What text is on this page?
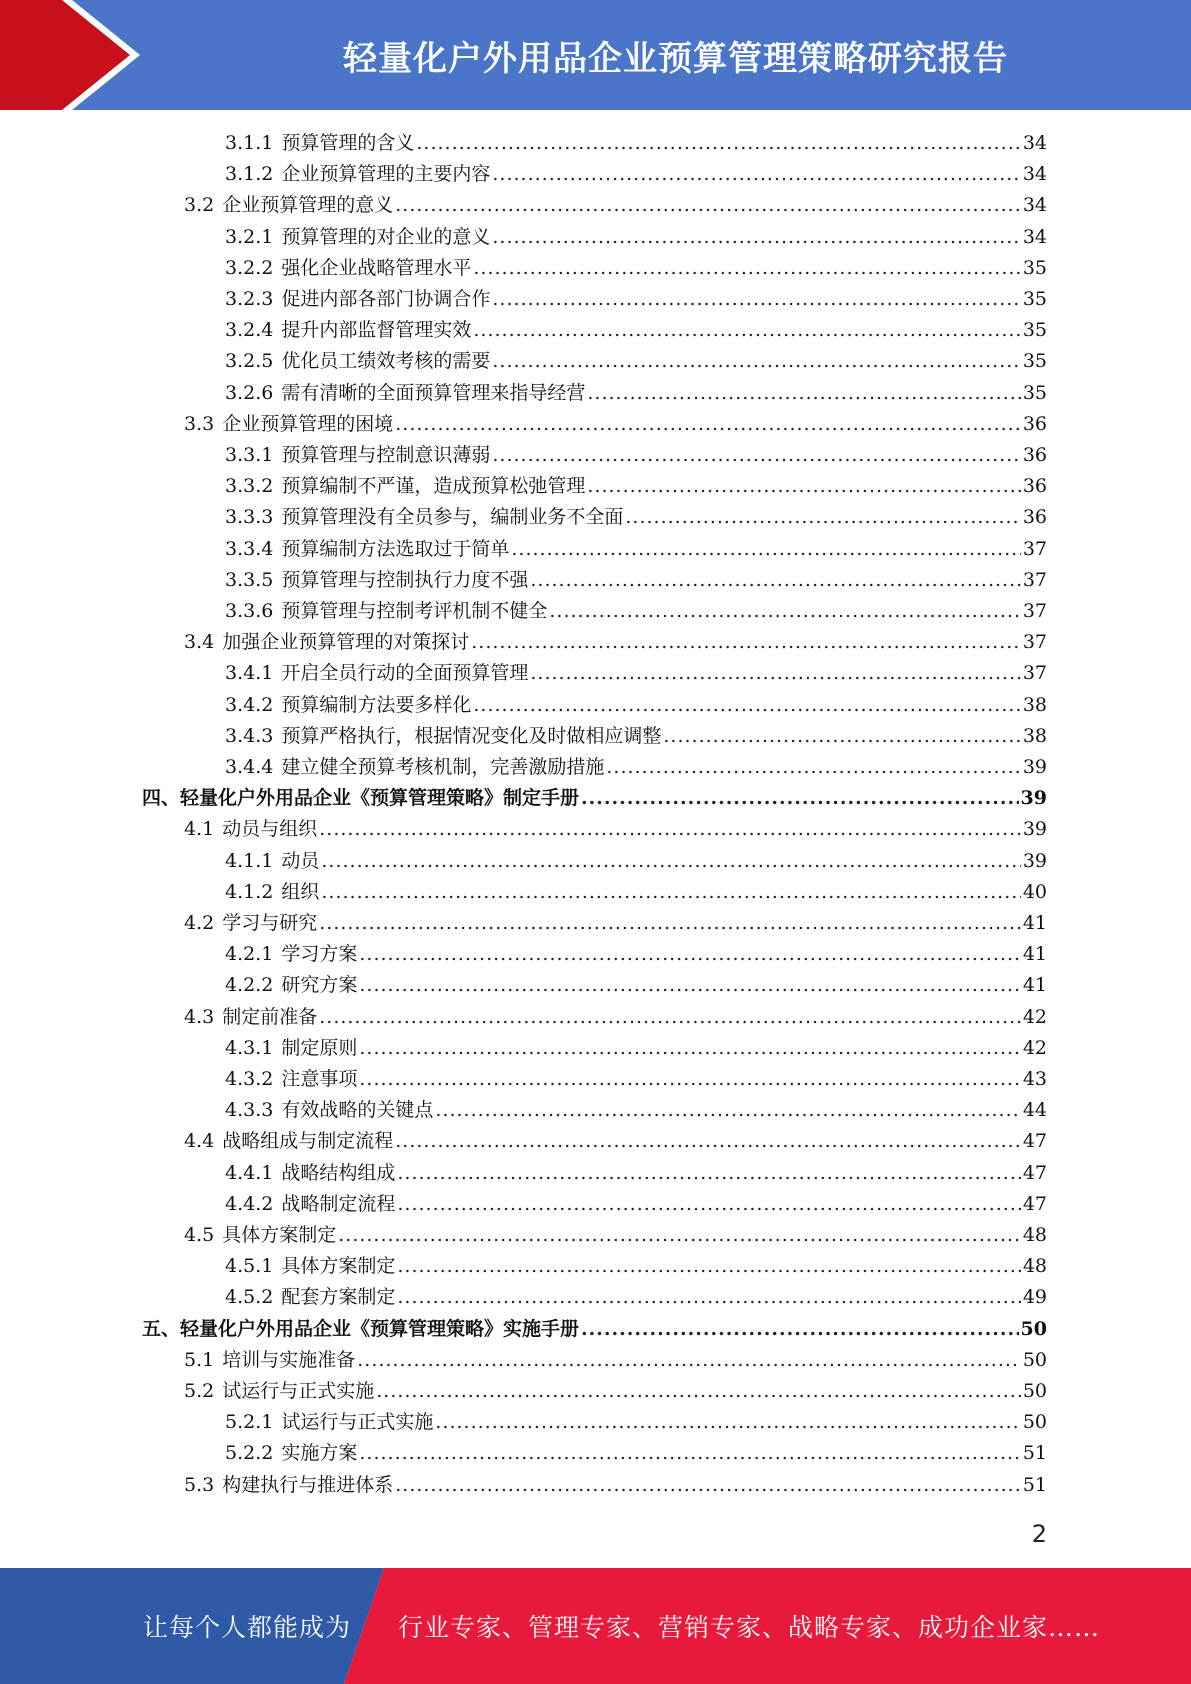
轻量化户外用品企业预算管理策略研究报告
3.1.1 预算管理的含义 .....	34
3.1.2 企业预算管理的主要内容 .....	34
3.2 企业预算管理的意义 .....	34
3.2.1 预算管理的对企业的意义 .....	34
3.2.2 强化企业战略管理水平 .....	35
3.2.3 促进内部各部门协调合作 .....	35
3.2.4 提升内部监督管理实效 .....	35
3.2.5 优化员工绩效考核的需要 .....	35
3.2.6 需有清晰的全面预算管理来指导经营 .....	35
3.3 企业预算管理的困境 .....	36
3.3.1 预算管理与控制意识薄弱 .....	36
3.3.2 预算编制不严谨，造成预算松弛管理 .....	36
3.3.3 预算管理没有全员参与，编制业务不全面 .....	36
3.3.4 预算编制方法选取过于简单 .....	37
3.3.5 预算管理与控制执行力度不强 .....	37
3.3.6 预算管理与控制考评机制不健全 .....	37
3.4 加强企业预算管理的对策探讨 .....	37
3.4.1 开启全员行动的全面预算管理 .....	37
3.4.2 预算编制方法要多样化 .....	38
3.4.3 预算严格执行，根据情况变化及时做相应调整 .....	38
3.4.4 建立健全预算考核机制，完善激励措施 .....	39
四、轻量化户外用品企业《预算管理策略》制定手册 .....	39
4.1 动员与组织 .....	39
4.1.1 动员 .....	39
4.1.2 组织 .....	40
4.2 学习与研究 .....	41
4.2.1 学习方案 .....	41
4.2.2 研究方案 .....	41
4.3 制定前准备 .....	42
4.3.1 制定原则 .....	42
4.3.2 注意事项 .....	43
4.3.3 有效战略的关键点 .....	44
4.4 战略组成与制定流程 .....	47
4.4.1 战略结构组成 .....	47
4.4.2 战略制定流程 .....	47
4.5 具体方案制定 .....	48
4.5.1 具体方案制定 .....	48
4.5.2 配套方案制定 .....	49
五、轻量化户外用品企业《预算管理策略》实施手册 .....	50
5.1 培训与实施准备 .....	50
5.2 试运行与正式实施 .....	50
5.2.1 试运行与正式实施 .....	50
5.2.2 实施方案 .....	51
5.3 构建执行与推进体系 .....	51
2
让每个人都能成为 行业专家、管理专家、营销专家、战略专家、成功企业家……
